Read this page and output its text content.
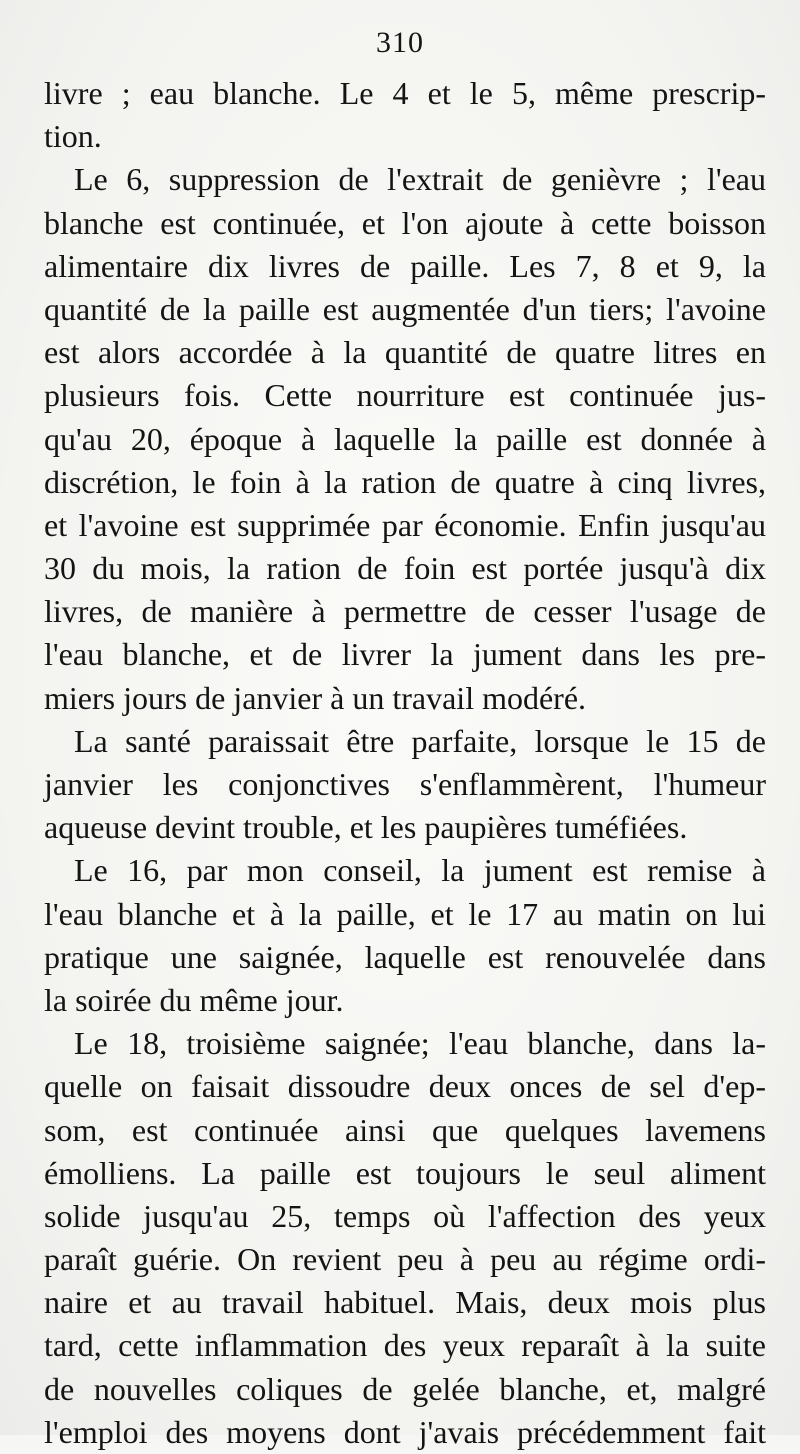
310
livre ; eau blanche. Le 4 et le 5, même prescrip-
tion.
Le 6, suppression de l'extrait de genièvre ; l'eau
blanche est continuée, et l'on ajoute à cette boisson
alimentaire dix livres de paille. Les 7, 8 et 9, la
quantité de la paille est augmentée d'un tiers; l'avoine
est alors accordée à la quantité de quatre litres en
plusieurs fois. Cette nourriture est continuée jus-
qu'au 20, époque à laquelle la paille est donnée à
discrétion, le foin à la ration de quatre à cinq livres,
et l'avoine est supprimée par économie. Enfin jusqu'au
30 du mois, la ration de foin est portée jusqu'à dix
livres, de manière à permettre de cesser l'usage de
l'eau blanche, et de livrer la jument dans les pre-
miers jours de janvier à un travail modéré.
La santé paraissait être parfaite, lorsque le 15 de
janvier les conjonctives s'enflammèrent, l'humeur
aqueuse devint trouble, et les paupières tuméfiées.
Le 16, par mon conseil, la jument est remise à
l'eau blanche et à la paille, et le 17 au matin on lui
pratique une saignée, laquelle est renouvelée dans
la soirée du même jour.
Le 18, troisième saignée; l'eau blanche, dans la-
quelle on faisait dissoudre deux onces de sel d'ep-
som, est continuée ainsi que quelques lavemens
émolliens. La paille est toujours le seul aliment
solide jusqu'au 25, temps où l'affection des yeux
paraît guérie. On revient peu à peu au régime ordi-
naire et au travail habituel. Mais, deux mois plus
tard, cette inflammation des yeux reparaît à la suite
de nouvelles coliques de gelée blanche, et, malgré
l'emploi des moyens dont j'avais précédemment fait
